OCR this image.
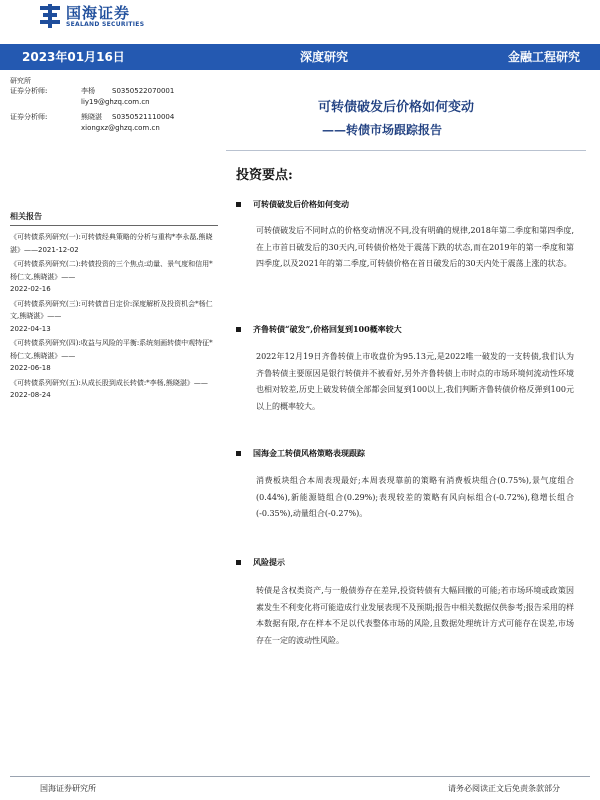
国海证券
SEALAND SECURITIES
2023年01月16日	深度研究	金融工程研究
研究所
证券分析师:	李杨 S0350522070001
liy19@ghzq.com.cn
证券分析师:	熊晓湛 S0350521110004
xiongxz@ghzq.com.cn
可转债破发后价格如何变动
——转债市场跟踪报告
投资要点:
相关报告
《可转债系列研究(一):可转债经典策略的分析与重构*李永磊,熊晓湛》——2021-12-02
《可转债系列研究(二):转债投资的三个焦点:动量、景气度和信用*杨仁文,熊晓湛》——
2022-02-16
《可转债系列研究(三):可转债首日定价:深度解析及投资机会*杨仁文,熊晓湛》——
2022-04-13
《可转债系列研究(四):收益与风险的平衡:系统刻画转债中观特征*杨仁文,熊晓湛》——
2022-06-18
《可转债系列研究(五):从成长股到成长转债:*李杨,熊晓湛》——2022-08-24
可转债破发后价格如何变动
可转债破发后不同时点的价格变动情况不同,没有明确的规律,2018年第二季度和第四季度,在上市首日破发后的30天内,可转债价格处于震荡下跌的状态,而在2019年的第一季度和第四季度,以及2021年的第二季度,可转债价格在首日破发后的30天内处于震荡上涨的状态。
齐鲁转债“破发”,价格回复到100概率较大
2022年12月19日齐鲁转债上市收盘价为95.13元,是2022唯一破发的一支转债,我们认为齐鲁转债主要原因是银行转债并不被看好,另外齐鲁转债上市时点的市场环境何流动性环境也相对较差,历史上破发转债全部都会回复到100以上,我们判断齐鲁转债价格反弹到100元以上的概率较大。
国海金工转债风格策略表现跟踪
消费板块组合本周表现最好;本周表现靠前的策略有消费板块组合(0.75%),景气度组合(0.44%),新能源链组合(0.29%);表现较差的策略有风向标组合(-0.72%),稳增长组合(-0.35%),动量组合(-0.27%)。
风险提示
转债是含权类资产,与一般债券存在差异,投资转债有大幅回撤的可能;若市场环境或政策因素发生不利变化将可能造成行业发展表现不及预期;报告中相关数据仅供参考;报告采用的样本数据有限,存在样本不足以代表整体市场的风险,且数据处理统计方式可能存在误差,市场存在一定的波动性风险。
国海证券研究所	请务必阅读正文后免责条款部分
